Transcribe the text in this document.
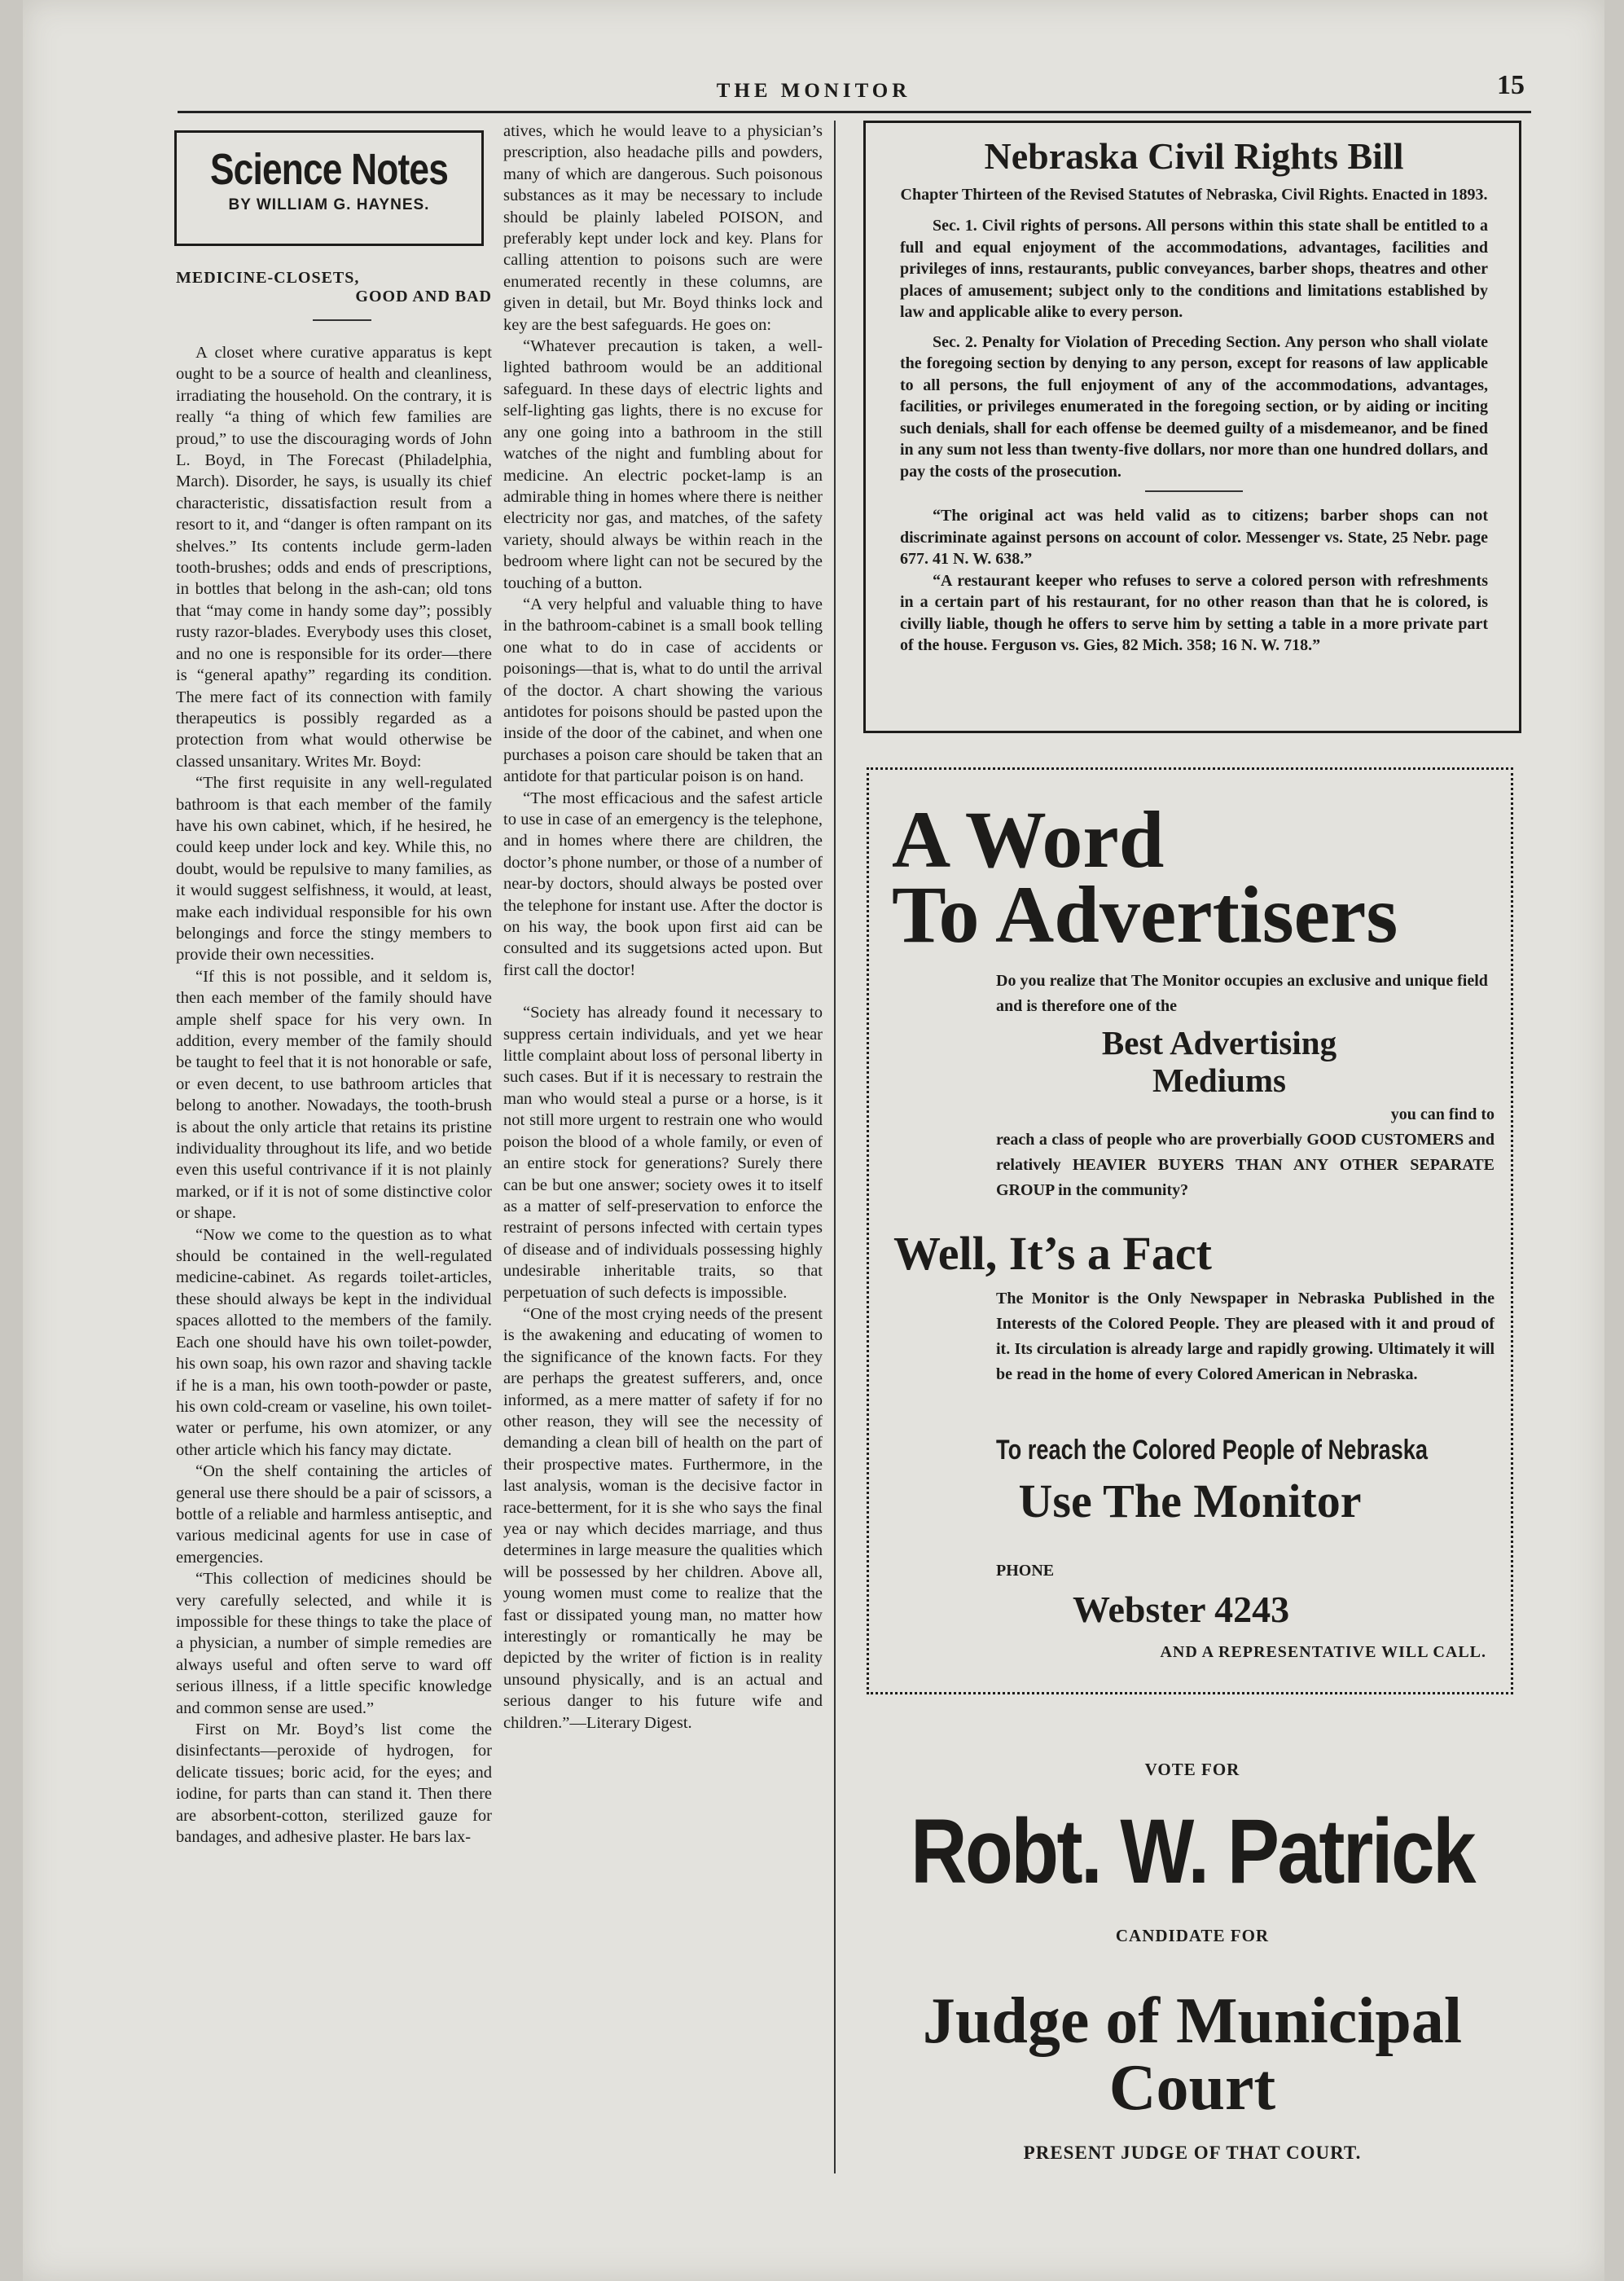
THE MONITOR	15
Science Notes
BY WILLIAM G. HAYNES.
MEDICINE-CLOSETS,
GOOD AND BAD

A closet where curative apparatus is kept ought to be a source of health and cleanliness, irradiating the household. On the contrary, it is really “a thing of which few families are proud,” to use the discouraging words of John L. Boyd, in The Forecast (Philadelphia, March). Disorder, he says, is usually its chief characteristic, dissatisfaction result from a resort to it, and “danger is often rampant on its shelves.” Its contents include germ-laden tooth-brushes; odds and ends of prescriptions, in bottles that belong in the ash-can; old tons that “may come in handy some day”; possibly rusty razor-blades. Everybody uses this closet, and no one is responsible for its order—there is “general apathy” regarding its condition. The mere fact of its connection with family therapeutics is possibly regarded as a protection from what would otherwise be classed unsanitary. Writes Mr. Boyd:

“The first requisite in any well-regulated bathroom is that each member of the family have his own cabinet, which, if he hesired, he could keep under lock and key. While this, no doubt, would be repulsive to many families, as it would suggest selfishness, it would, at least, make each individual responsible for his own belongings and force the stingy members to provide their own necessities.

“If this is not possible, and it seldom is, then each member of the family should have ample shelf space for his very own. In addition, every member of the family should be taught to feel that it is not honorable or safe, or even decent, to use bathroom articles that belong to another. Nowadays, the tooth-brush is about the only article that retains its pristine individuality throughout its life, and wo betide even this useful contrivance if it is not plainly marked, or if it is not of some distinctive color or shape.

“Now we come to the question as to what should be contained in the well-regulated medicine-cabinet. As regards toilet-articles, these should always be kept in the individual spaces allotted to the members of the family. Each one should have his own toilet-powder, his own soap, his own razor and shaving tackle if he is a man, his own tooth-powder or paste, his own cold-cream or vaseline, his own toilet-water or perfume, his own atomizer, or any other article which his fancy may dictate.

“On the shelf containing the articles of general use there should be a pair of scissors, a bottle of a reliable and harmless antiseptic, and various medicinal agents for use in case of emergencies.

“This collection of medicines should be very carefully selected, and while it is impossible for these things to take the place of a physician, a number of simple remedies are always useful and often serve to ward off serious illness, if a little specific knowledge and common sense are used.”

First on Mr. Boyd’s list come the disinfectants—peroxide of hydrogen, for delicate tissues; boric acid, for the eyes; and iodine, for parts than can stand it. Then there are absorbent-cotton, sterilized gauze for bandages, and adhesive plaster. He bars lax-

atives, which he would leave to a physician’s prescription, also headache pills and powders, many of which are dangerous. Such poisonous substances as it may be necessary to include should be plainly labeled POISON, and preferably kept under lock and key. Plans for calling attention to poisons such are were enumerated recently in these columns, are given in detail, but Mr. Boyd thinks lock and key are the best safeguards. He goes on:

“Whatever precaution is taken, a well-lighted bathroom would be an additional safeguard. In these days of electric lights and self-lighting gas lights, there is no excuse for any one going into a bathroom in the still watches of the night and fumbling about for medicine. An electric pocket-lamp is an admirable thing in homes where there is neither electricity nor gas, and matches, of the safety variety, should always be within reach in the bedroom where light can not be secured by the touching of a button.

“A very helpful and valuable thing to have in the bathroom-cabinet is a small book telling one what to do in case of accidents or poisonings—that is, what to do until the arrival of the doctor. A chart showing the various antidotes for poisons should be pasted upon the inside of the door of the cabinet, and when one purchases a poison care should be taken that an antidote for that particular poison is on hand.

“The most efficacious and the safest article to use in case of an emergency is the telephone, and in homes where there are children, the doctor’s phone number, or those of a number of near-by doctors, should always be posted over the telephone for instant use. After the doctor is on his way, the book upon first aid can be consulted and its suggetsions acted upon. But first call the doctor!

“Society has already found it necessary to suppress certain individuals, and yet we hear little complaint about loss of personal liberty in such cases. But if it is necessary to restrain the man who would steal a purse or a horse, is it not still more urgent to restrain one who would poison the blood of a whole family, or even of an entire stock for generations? Surely there can be but one answer; society owes it to itself as a matter of self-preservation to enforce the restraint of persons infected with certain types of disease and of individuals possessing highly undesirable inheritable traits, so that perpetuation of such defects is impossible.

“One of the most crying needs of the present is the awakening and educating of women to the significance of the known facts. For they are perhaps the greatest sufferers, and, once informed, as a mere matter of safety if for no other reason, they will see the necessity of demanding a clean bill of health on the part of their prospective mates. Furthermore, in the last analysis, woman is the decisive factor in race-betterment, for it is she who says the final yea or nay which decides marriage, and thus determines in large measure the qualities which will be possessed by her children. Above all, young women must come to realize that the fast or dissipated young man, no matter how interestingly or romantically he may be depicted by the writer of fiction is in reality unsound physically, and is an actual and serious danger to his future wife and children.”—Literary Digest.

Nebraska Civil Rights Bill
Chapter Thirteen of the Revised Statutes of Nebraska, Civil Rights. Enacted in 1893.

Sec. 1. Civil rights of persons. All persons within this state shall be entitled to a full and equal enjoyment of the accommodations, advantages, facilities and privileges of inns, restaurants, public conveyances, barber shops, theatres and other places of amusement; subject only to the conditions and limitations established by law and applicable alike to every person.

Sec. 2. Penalty for Violation of Preceding Section. Any person who shall violate the foregoing section by denying to any person, except for reasons of law applicable to all persons, the full enjoyment of any of the accommodations, advantages, facilities, or privileges enumerated in the foregoing section, or by aiding or inciting such denials, shall for each offense be deemed guilty of a misdemeanor, and be fined in any sum not less than twenty-five dollars, nor more than one hundred dollars, and pay the costs of the prosecution.

“The original act was held valid as to citizens; barber shops can not discriminate against persons on account of color. Messenger vs. State, 25 Nebr. page 677. 41 N. W. 638.”

“A restaurant keeper who refuses to serve a colored person with refreshments in a certain part of his restaurant, for no other reason than that he is colored, is civilly liable, though he offers to serve him by setting a table in a more private part of the house. Ferguson vs. Gies, 82 Mich. 358; 16 N. W. 718.”

A Word
To Advertisers
Do you realize that The Monitor occupies an exclusive and unique field and is therefore one of the
Best Advertising
Mediums
you can find to
reach a class of people who are proverbially GOOD CUSTOMERS and relatively HEAVIER BUYERS THAN ANY OTHER SEPARATE GROUP in the community?
Well, It’s a Fact
The Monitor is the Only Newspaper in Nebraska Published in the Interests of the Colored People. They are pleased with it and proud of it. Its circulation is already large and rapidly growing. Ultimately it will be read in the home of every Colored American in Nebraska.
To reach the Colored People of Nebraska
Use The Monitor
PHONE
Webster 4243
AND A REPRESENTATIVE WILL CALL.
VOTE FOR
Robt. W. Patrick
CANDIDATE FOR
Judge of Municipal Court
PRESENT JUDGE OF THAT COURT.
